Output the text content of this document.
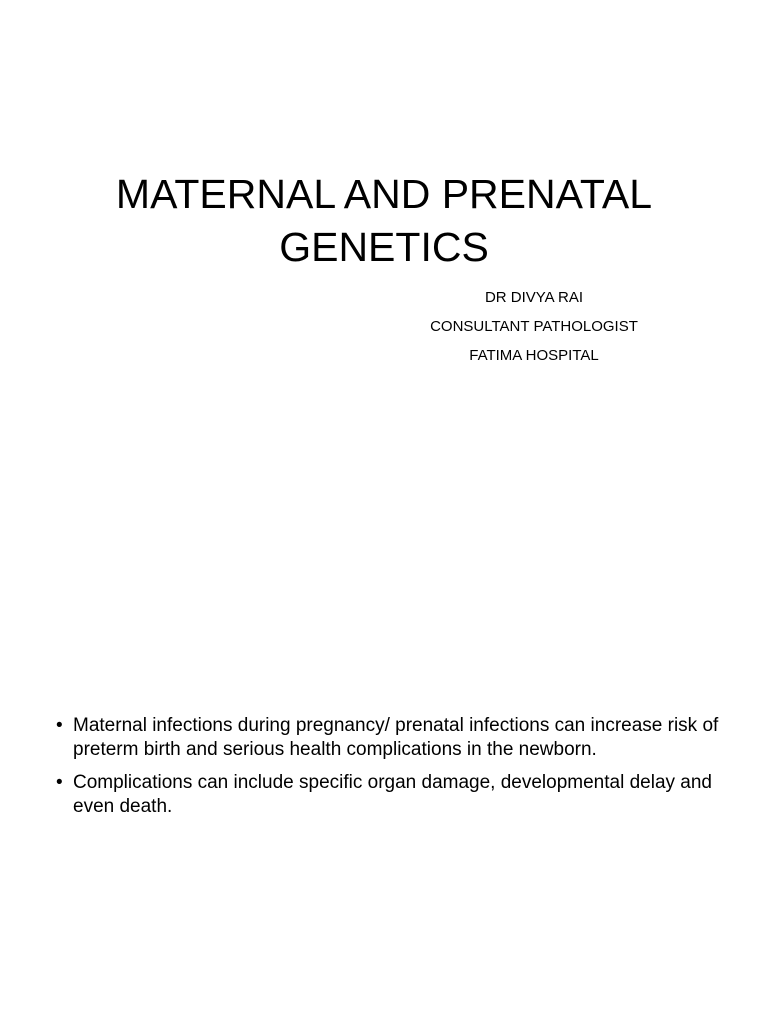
MATERNAL AND PRENATAL
GENETICS
DR DIVYA RAI
CONSULTANT PATHOLOGIST
FATIMA HOSPITAL
• Maternal infections during pregnancy/ prenatal infections can increase risk of preterm birth and serious health complications in the newborn.
• Complications can include specific organ damage, developmental delay and even death.
